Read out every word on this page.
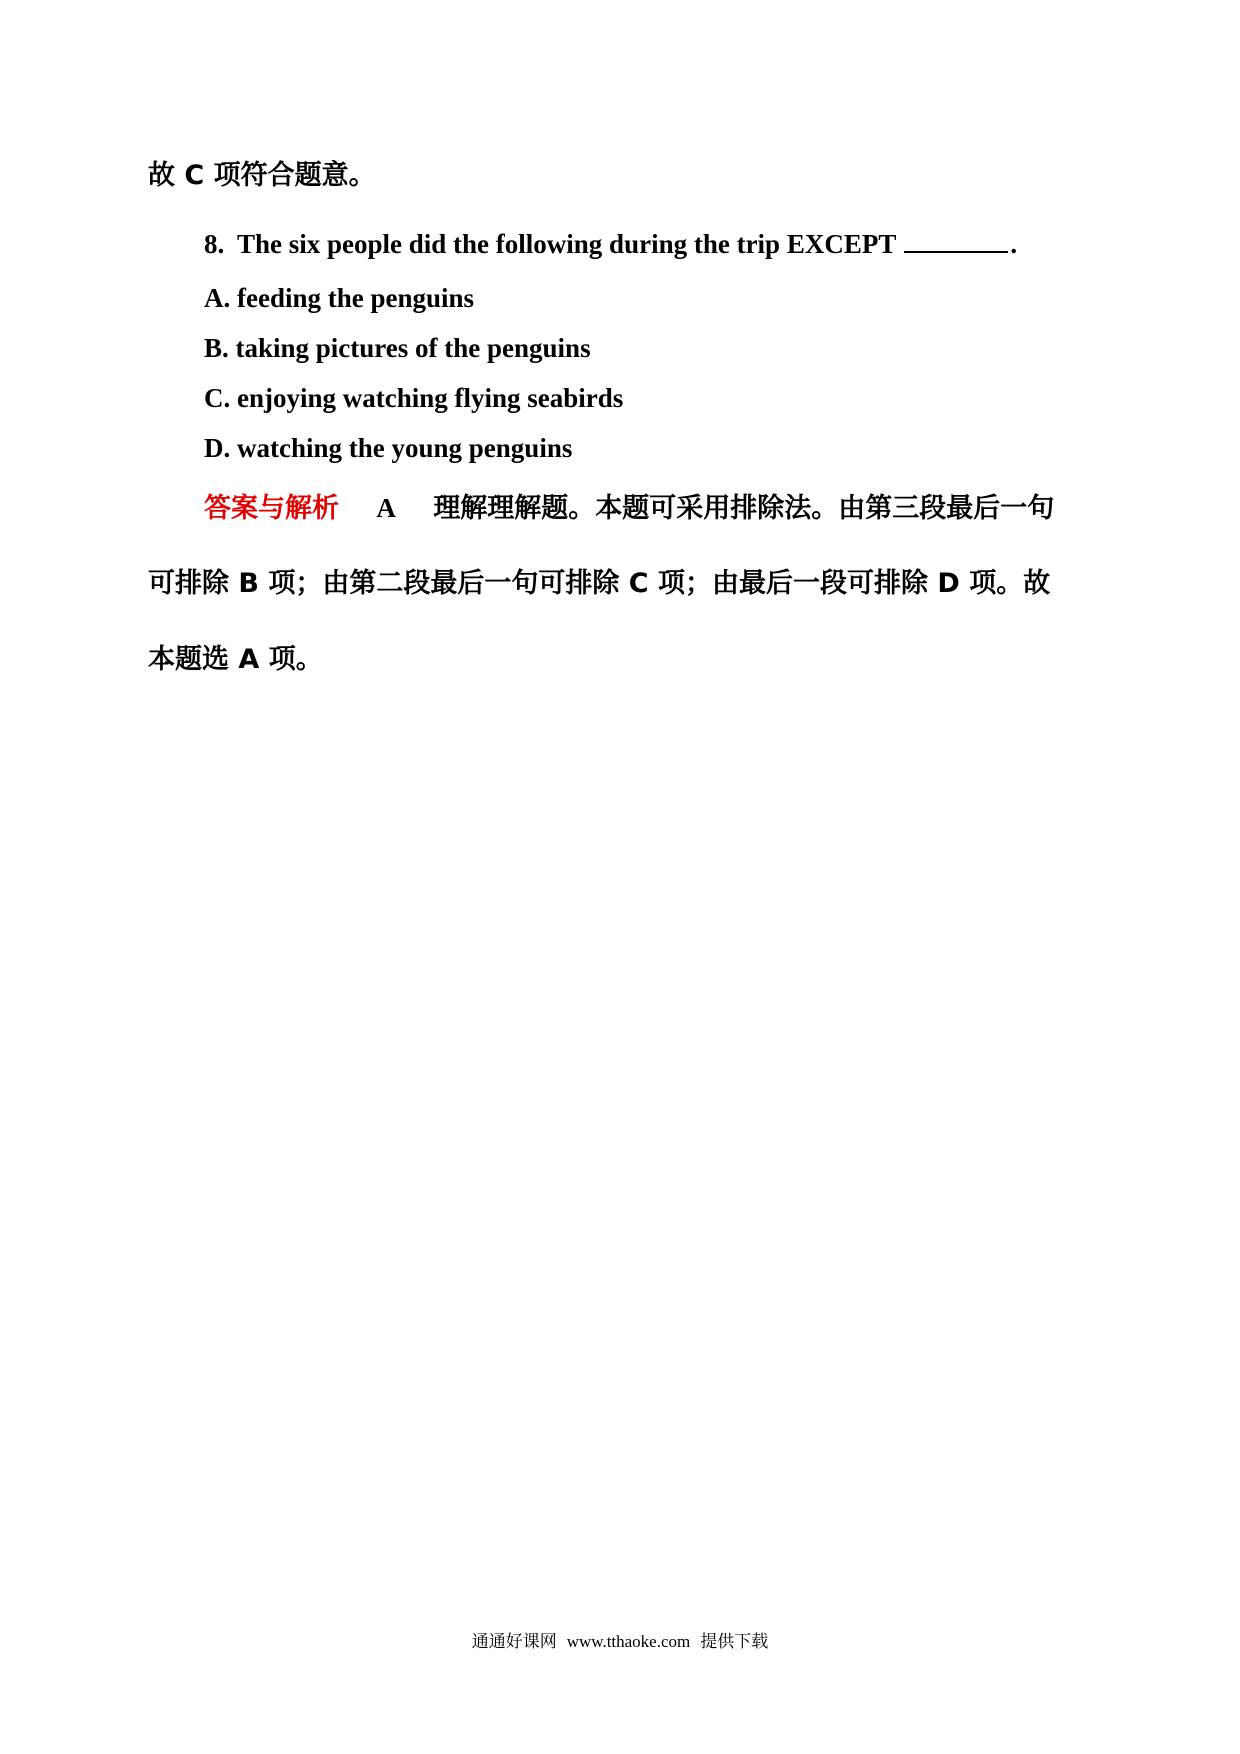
故 C 项符合题意。
8. The six people did the following during the trip EXCEPT	.
A. feeding the penguins
B. taking pictures of the penguins
C. enjoying watching flying seabirds
D. watching the young penguins
答案与解析 A 理解理解题。本题可采用排除法。由第三段最后一句
可排除 B 项；由第二段最后一句可排除 C 项；由最后一段可排除 D 项。故
本题选 A 项。
通通好课网 www.tthaoke.com 提供下载
